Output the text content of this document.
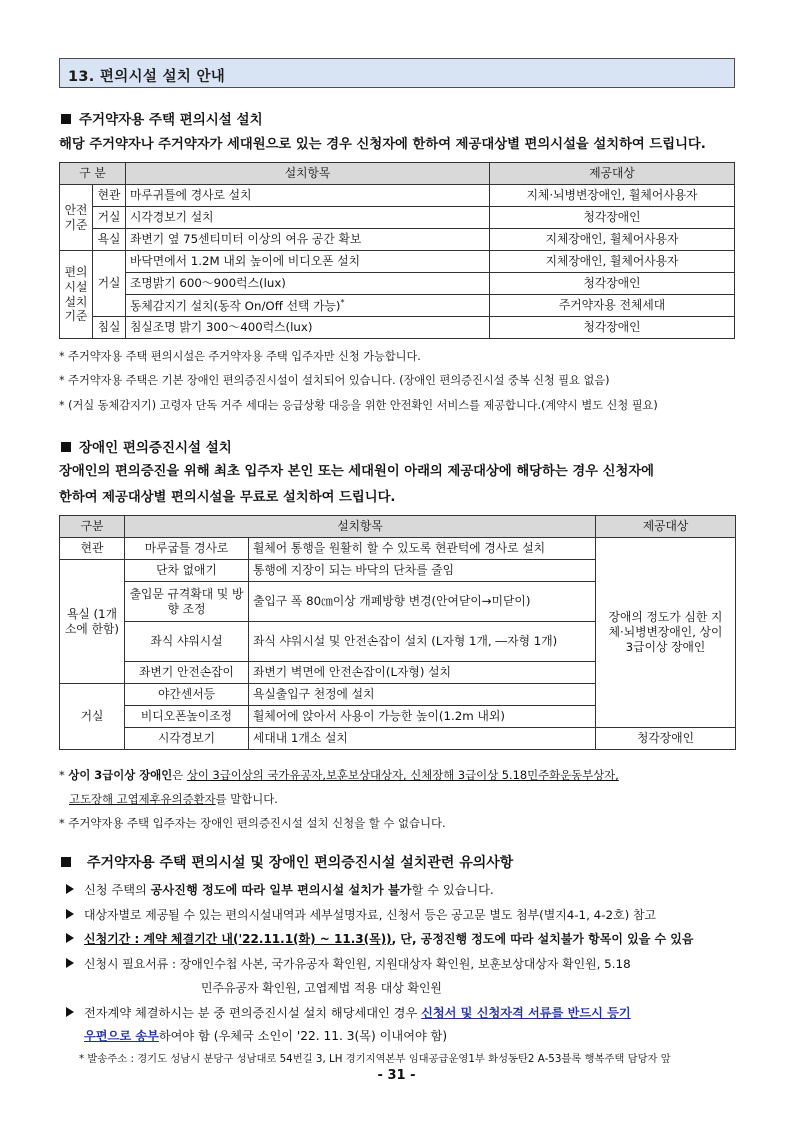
13. 편의시설 설치 안내
주거약자용 주택 편의시설 설치
해당 주거약자나 주거약자가 세대원으로 있는 경우 신청자에 한하여 제공대상별 편의시설을 설치하여 드립니다.
구 분		설치항목	제공대상
안전 기준	현관	마루귀틀에 경사로 설치	지체·뇌병변장애인, 휠체어사용자
	거실	시각경보기 설치	청각장애인
	욕실	좌변기 옆 75센티미터 이상의 여유 공간 확보	지체장애인, 휠체어사용자
편의 시설 설치 기준	거실	바닥면에서 1.2M 내외 높이에 비디오폰 설치	지체장애인, 휠체어사용자
		조명밝기 600～900럭스(lux)	청각장애인
		동체감지기 설치(동작 On/Off 선택 가능)*	주거약자용 전체세대
	침실	침실조명 밝기 300～400럭스(lux)	청각장애인
* 주거약자용 주택 편의시설은 주거약자용 주택 입주자만 신청 가능합니다.
* 주거약자용 주택은 기본 장애인 편의증진시설이 설치되어 있습니다. (장애인 편의증진시설 중복 신청 필요 없음)
* (거실 동체감지기) 고령자 단독 거주 세대는 응급상황 대응을 위한 안전확인 서비스를 제공합니다.(계약시 별도 신청 필요)
장애인 편의증진시설 설치
장애인의 편의증진을 위해 최초 입주자 본인 또는 세대원이 아래의 제공대상에 해당하는 경우 신청자에
한하여 제공대상별 편의시설을 무료로 설치하여 드립니다.
구분	설치항목		제공대상
현관	마루굽틀 경사로	휠체어 통행을 원활히 할 수 있도록 현관턱에 경사로 설치	장애의 정도가 심한 지체·뇌병변장애인, 상이 3급이상 장애인
욕실 (1개소에 한함)	단차 없애기	통행에 지장이 되는 바닥의 단차를 줄임	
	출입문 규격확대 및 방향 조정	출입구 폭 80㎝이상 개폐방향 변경(안여닫이→미닫이)	
	좌식 샤워시설	좌식 샤워시설 및 안전손잡이 설치 (L자형 1개, ―자형 1개)	
	좌변기 안전손잡이	좌변기 벽면에 안전손잡이(L자형) 설치	
거실	야간센서등	욕실출입구 천정에 설치	
	비디오폰높이조정	휠체어에 앉아서 사용이 가능한 높이(1.2m 내외)	
	시각경보기	세대내 1개소 설치	청각장애인
* 상이 3급이상 장애인은 상이 3급이상의 국가유공자,보훈보상대상자, 신체장해 3급이상 5.18민주화운동부상자,
고도장해 고엽제후유의증환자를 말합니다.
* 주거약자용 주택 입주자는 장애인 편의증진시설 설치 신청을 할 수 없습니다.
주거약자용 주택 편의시설 및 장애인 편의증진시설 설치관련 유의사항
신청 주택의 공사진행 정도에 따라 일부 편의시설 설치가 불가할 수 있습니다.
대상자별로 제공될 수 있는 편의시설내역과 세부설명자료, 신청서 등은 공고문 별도 첨부(별지4-1, 4-2호) 참고
신청기간 : 계약 체결기간 내('22.11.1(화) ~ 11.3(목)), 단, 공정진행 정도에 따라 설치불가 항목이 있을 수 있음
신청시 필요서류 : 장애인수첩 사본, 국가유공자 확인원, 지원대상자 확인원, 보훈보상대상자 확인원, 5.18
민주유공자 확인원, 고엽제법 적용 대상 확인원
전자계약 체결하시는 분 중 편의증진시설 설치 해당세대인 경우 신청서 및 신청자격 서류를 반드시 등기
우편으로 송부하여야 함 (우체국 소인이 '22. 11. 3(목) 이내여야 함)
* 발송주소 : 경기도 성남시 분당구 성남대로 54번길 3, LH 경기지역본부 임대공급운영1부 화성동탄2 A-53블록 행복주택 담당자 앞
- 31 -
